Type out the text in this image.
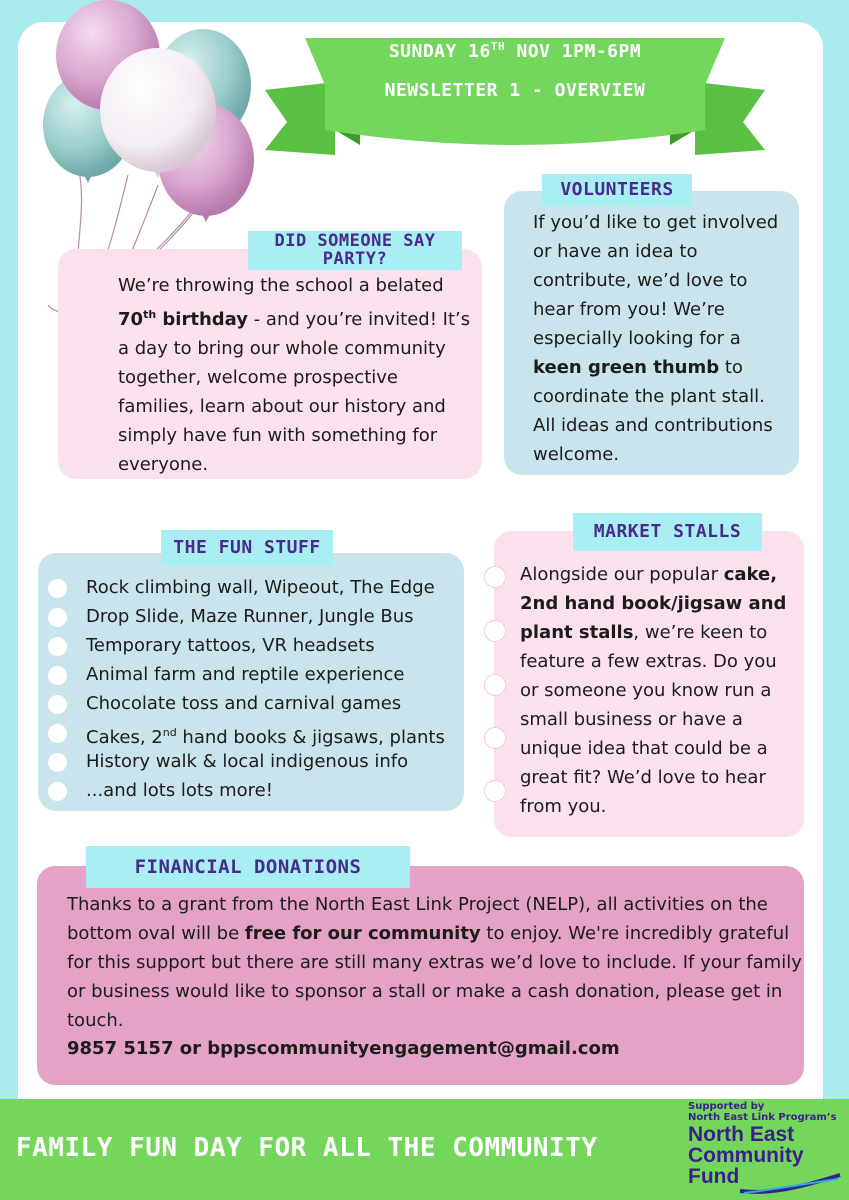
SUNDAY 16TH NOV 1PM-6PM
NEWSLETTER 1 - OVERVIEW
DID SOMEONE SAY PARTY?
We’re throwing the school a belated 70th birthday - and you’re invited! It’s a day to bring our whole community together, welcome prospective families, learn about our history and simply have fun with something for everyone.
VOLUNTEERS
If you’d like to get involved or have an idea to contribute, we’d love to hear from you! We’re especially looking for a keen green thumb to coordinate the plant stall. All ideas and contributions welcome.
THE FUN STUFF
Rock climbing wall, Wipeout, The Edge
Drop Slide, Maze Runner, Jungle Bus
Temporary tattoos, VR headsets
Animal farm and reptile experience
Chocolate toss and carnival games
Cakes, 2nd hand books & jigsaws, plants
History walk & local indigenous info
...and lots lots more!
MARKET STALLS
Alongside our popular cake, 2nd hand book/jigsaw and plant stalls, we’re keen to feature a few extras. Do you or someone you know run a small business or have a unique idea that could be a great fit? We’d love to hear from you.
FINANCIAL DONATIONS
Thanks to a grant from the North East Link Project (NELP), all activities on the bottom oval will be free for our community to enjoy. We're incredibly grateful for this support but there are still many extras we’d love to include. If your family or business would like to sponsor a stall or make a cash donation, please get in touch.
9857 5157 or bppscommunityengagement@gmail.com
FAMILY FUN DAY FOR ALL THE COMMUNITY
Supported by
North East Link Program’s
North East
Community
Fund
